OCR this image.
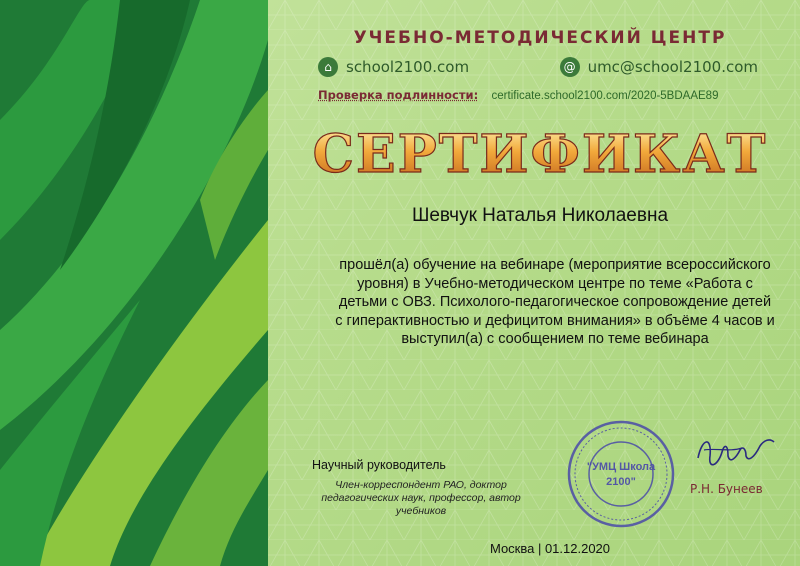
УЧЕБНО-МЕТОДИЧЕСКИЙ ЦЕНТР
⌂ school2100.com	@ umc@school2100.com
Проверка подлинности: certificate.school2100.com/2020-5BDAAE89
СЕРТИФИКАТ
Шевчук Наталья Николаевна
прошёл(а) обучение на вебинаре (мероприятие всероссийского уровня) в Учебно-методическом центре по теме «Работа с детьми с ОВЗ. Психолого-педагогическое сопровождение детей с гиперактивностью и дефицитом внимания» в объёме 4 часов и выступил(а) с сообщением по теме вебинара
Научный руководитель
Член-корреспондент РАО, доктор педагогических наук, профессор, автор учебников
"УМЦ Школа
2100"	Р.Н. Бунеев
Москва | 01.12.2020
